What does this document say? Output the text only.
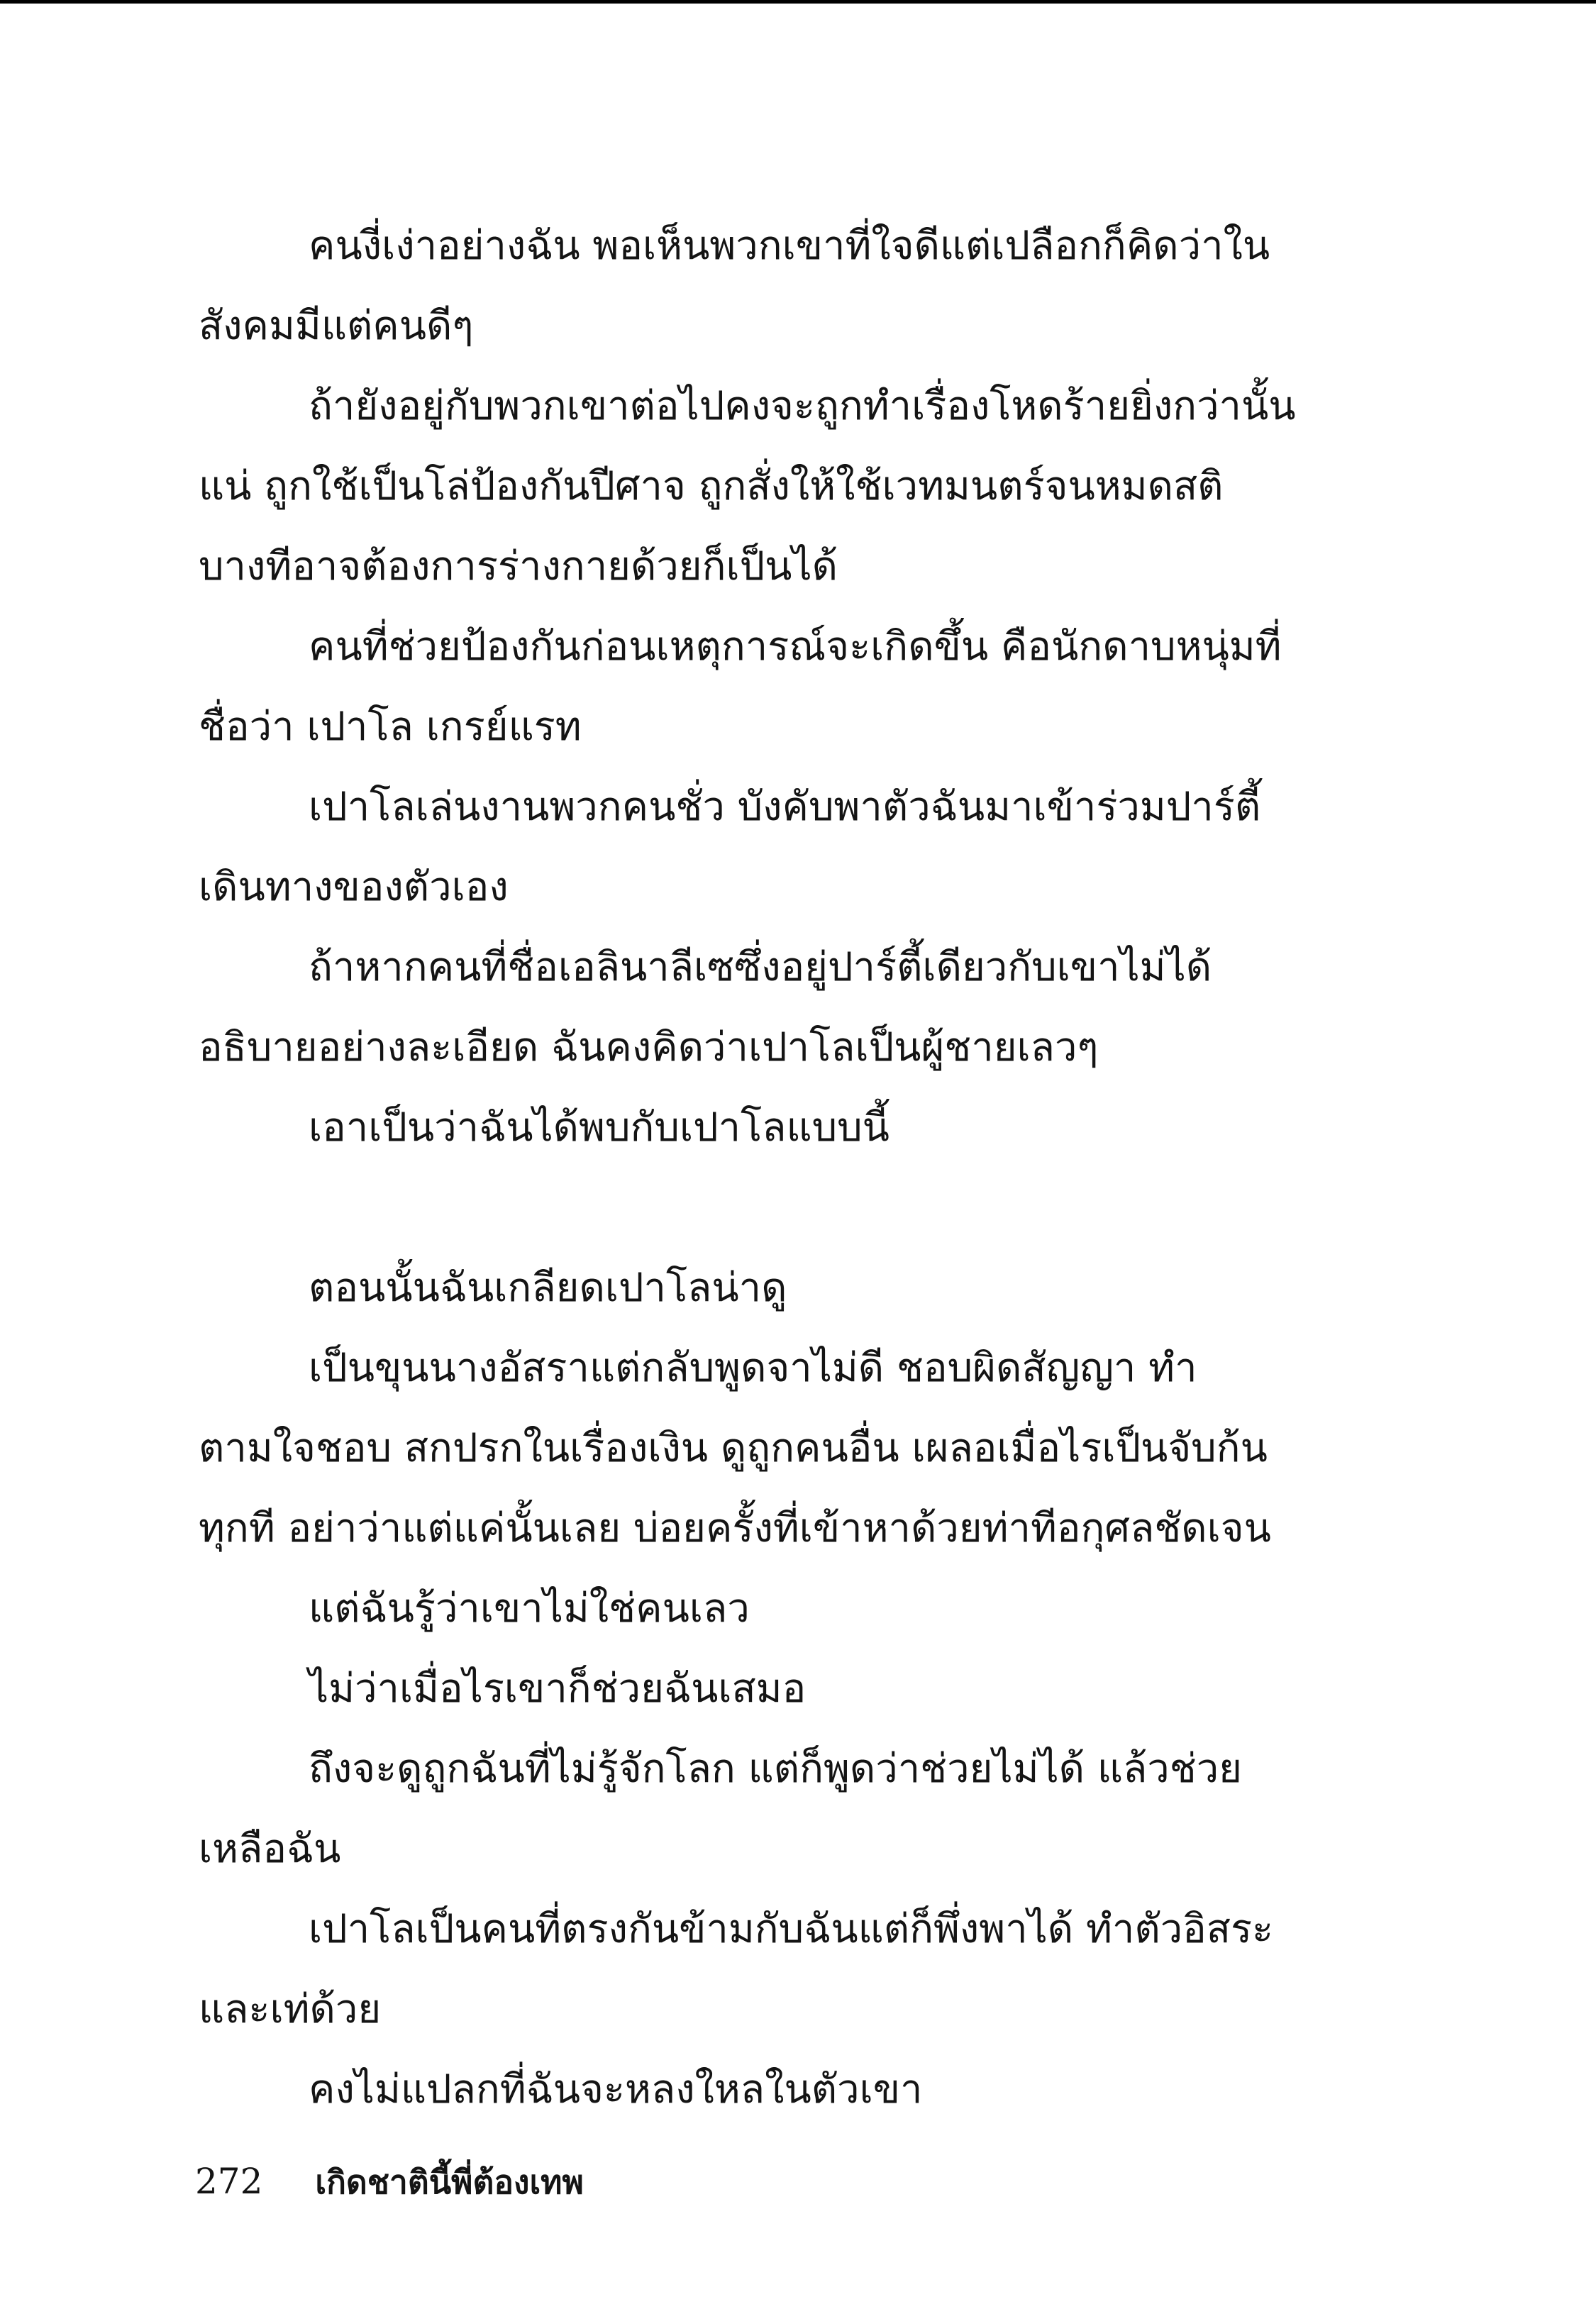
คนงี่เง่าอย่างฉัน พอเห็นพวกเขาที่ใจดีแต่เปลือกก็คิดว่าในสังคมมีแต่คนดีๆ

ถ้ายังอยู่กับพวกเขาต่อไปคงจะถูกทำเรื่องโหดร้ายยิ่งกว่านั้นแน่ ถูกใช้เป็นโล่ป้องกันปีศาจ ถูกสั่งให้ใช้เวทมนตร์จนหมดสติ บางทีอาจต้องการร่างกายด้วยก็เป็นได้

คนที่ช่วยป้องกันก่อนเหตุการณ์จะเกิดขึ้น คือนักดาบหนุ่มที่ชื่อว่า เปาโล เกรย์แรท

เปาโลเล่นงานพวกคนชั่ว บังคับพาตัวฉันมาเข้าร่วมปาร์ตี้เดินทางของตัวเอง

ถ้าหากคนที่ชื่อเอลินาลีเซซึ่งอยู่ปาร์ตี้เดียวกับเขาไม่ได้อธิบายอย่างละเอียด ฉันคงคิดว่าเปาโลเป็นผู้ชายเลวๆ

เอาเป็นว่าฉันได้พบกับเปาโลแบบนี้

ตอนนั้นฉันเกลียดเปาโลน่าดู

เป็นขุนนางอัสราแต่กลับพูดจาไม่ดี ชอบผิดสัญญา ทำตามใจชอบ สกปรกในเรื่องเงิน ดูถูกคนอื่น เผลอเมื่อไรเป็นจับก้นทุกที อย่าว่าแต่แค่นั้นเลย บ่อยครั้งที่เข้าหาด้วยท่าทีอกุศลชัดเจน

แต่ฉันรู้ว่าเขาไม่ใช่คนเลว

ไม่ว่าเมื่อไรเขาก็ช่วยฉันเสมอ

ถึงจะดูถูกฉันที่ไม่รู้จักโลก แต่ก็พูดว่าช่วยไม่ได้ แล้วช่วยเหลือฉัน

เปาโลเป็นคนที่ตรงกันข้ามกับฉันแต่ก็พึ่งพาได้ ทำตัวอิสระและเท่ด้วย

คงไม่แปลกที่ฉันจะหลงใหลในตัวเขา

272 เกิดชาตินี้พี่ต้องเทพ
